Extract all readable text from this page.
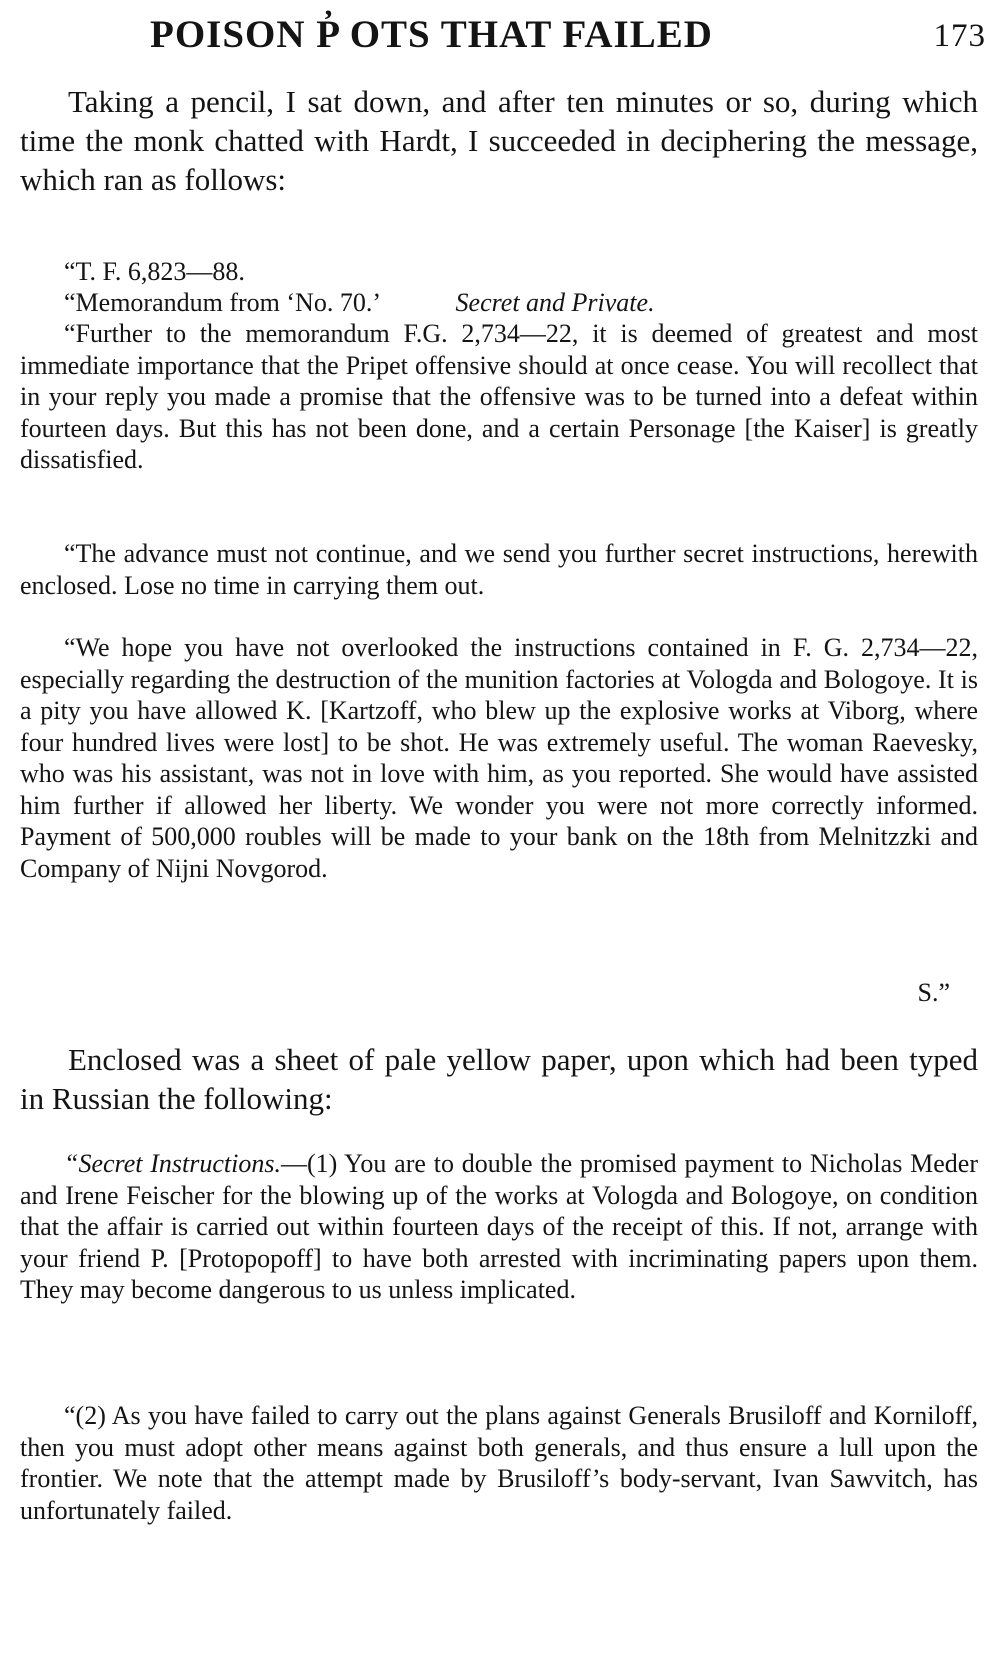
POISON P̓ OTS THAT FAILED	173

Taking a pencil, I sat down, and after ten minutes or so, during which time the monk chatted with Hardt, I succeeded in deciphering the message, which ran as follows:

“T. F. 6,823—88.
“Memorandum from ‘No. 70.’	Secret and Private.

“Further to the memorandum F.G. 2,734—22, it is deemed of greatest and most immediate importance that the Pripet offensive should at once cease. You will recollect that in your reply you made a promise that the offensive was to be turned into a defeat within fourteen days. But this has not been done, and a certain Personage [the Kaiser] is greatly dissatisfied.

“The advance must not continue, and we send you further secret instructions, herewith enclosed. Lose no time in carrying them out.

“We hope you have not overlooked the instructions contained in F. G. 2,734—22, especially regarding the destruction of the munition factories at Vologda and Bologoye. It is a pity you have allowed K. [Kartzoff, who blew up the explosive works at Viborg, where four hundred lives were lost] to be shot. He was extremely useful. The woman Raevesky, who was his assistant, was not in love with him, as you reported. She would have assisted him further if allowed her liberty. We wonder you were not more correctly informed. Payment of 500,000 roubles will be made to your bank on the 18th from Melnitzzki and Company of Nijni Novgorod.

S.”

Enclosed was a sheet of pale yellow paper, upon which had been typed in Russian the following:

“Secret Instructions.—(1) You are to double the promised payment to Nicholas Meder and Irene Feischer for the blowing up of the works at Vologda and Bologoye, on condition that the affair is carried out within fourteen days of the receipt of this. If not, arrange with your friend P. [Protopopoff] to have both arrested with incriminating papers upon them. They may become dangerous to us unless implicated.

“(2) As you have failed to carry out the plans against Generals Brusiloff and Korniloff, then you must adopt other means against both generals, and thus ensure a lull upon the frontier. We note that the attempt made by Brusiloff’s body-servant, Ivan Sawvitch, has unfortunately failed.
